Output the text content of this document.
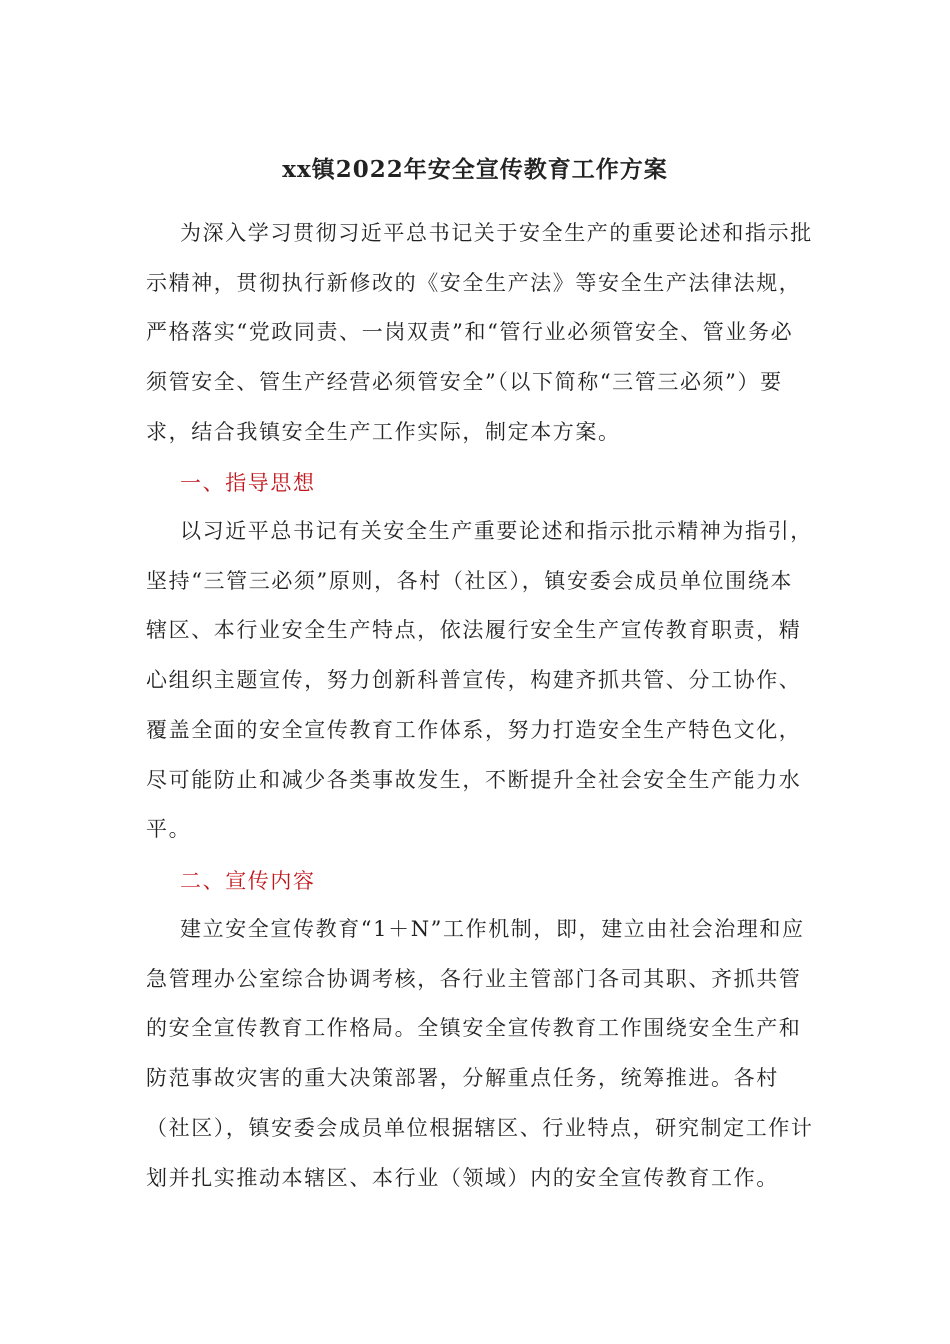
xx镇2022年安全宣传教育工作方案

为深入学习贯彻习近平总书记关于安全生产的重要论述和指示批示精神，贯彻执行新修改的《安全生产法》等安全生产法律法规，严格落实“党政同责、一岗双责”和“管行业必须管安全、管业务必须管安全、管生产经营必须管安全”（以下简称“三管三必须”）要求，结合我镇安全生产工作实际，制定本方案。

一、指导思想

以习近平总书记有关安全生产重要论述和指示批示精神为指引，坚持“三管三必须”原则，各村（社区），镇安委会成员单位围绕本辖区、本行业安全生产特点，依法履行安全生产宣传教育职责，精心组织主题宣传，努力创新科普宣传，构建齐抓共管、分工协作、覆盖全面的安全宣传教育工作体系，努力打造安全生产特色文化，尽可能防止和减少各类事故发生，不断提升全社会安全生产能力水平。

二、宣传内容

建立安全宣传教育“1＋N”工作机制，即，建立由社会治理和应急管理办公室综合协调考核，各行业主管部门各司其职、齐抓共管的安全宣传教育工作格局。全镇安全宣传教育工作围绕安全生产和防范事故灾害的重大决策部署，分解重点任务，统筹推进。各村（社区），镇安委会成员单位根据辖区、行业特点，研究制定工作计划并扎实推动本辖区、本行业（领域）内的安全宣传教育工作。
